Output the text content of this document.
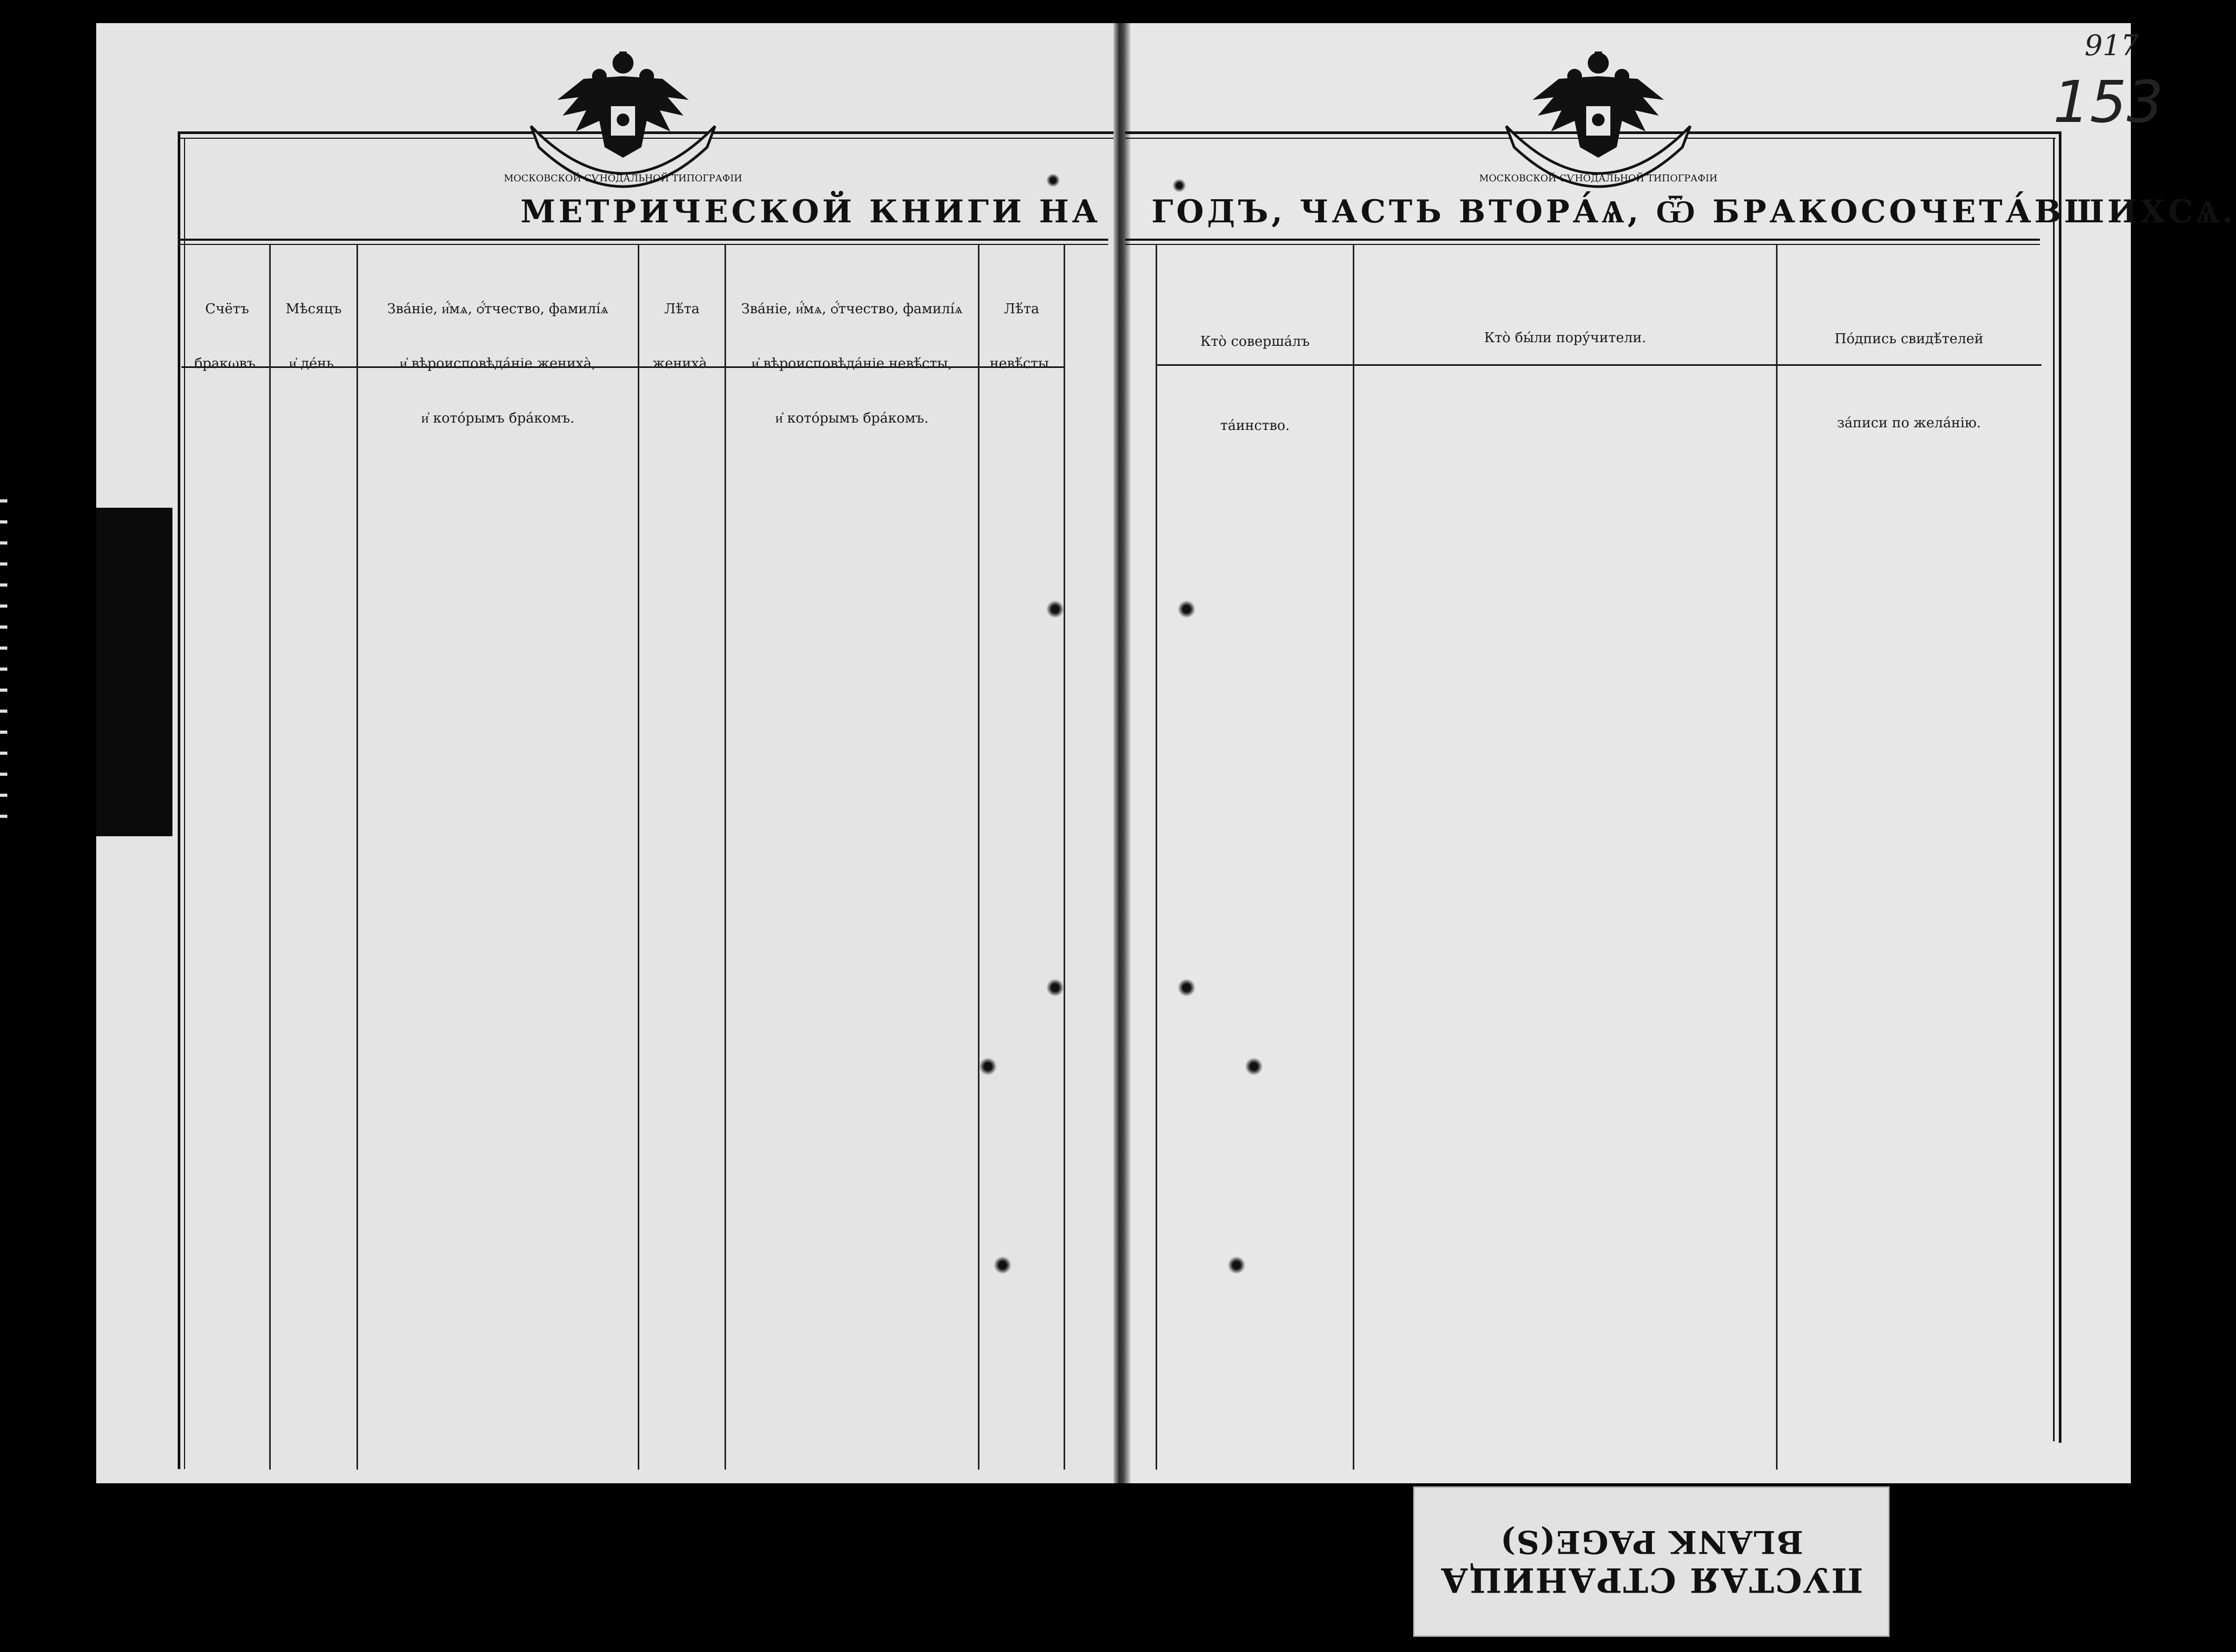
МОСКОВСКОЙ СѴНОДАЛЬНОЙ ТИПОГРАФІИ	МОСКОВСКОЙ СѴНОДАЛЬНОЙ ТИПОГРАФІИ
МЕТРИЧЕСКОЙ КНИГИ НА ГОДЪ, ЧАСТЬ ВТОРА́Ѧ, Ѿ БРАКОСОЧЕТА́ВШИХСѦ.

Счётъ

бракωвъ.

Мѣсяцъ

и҆ де́нь.

Зва́ніе, и҆́мѧ, ѻ҆́тчество, фамилі́ѧ

и҆ вѣроисповѣда́ніе жениха̀,

и҆ кото́рымъ бра́комъ.

Лѣ́та

жениха̀.

Зва́ніе, и҆́мѧ, ѻ҆́тчество, фамилі́ѧ

и҆ вѣроисповѣда́ніе невѣ́сты,

и҆ кото́рымъ бра́комъ.

Лѣ́та

невѣ́сты.

Кто̀ соверша́лъ

та́инство.

Кто̀ бы́ли пору́чители.	По́дпись свидѣ́телей

за́писи по жела́нію.

917
153
ПУСТАЯ СТРАНИЦА
BLANK PAGE(S)
